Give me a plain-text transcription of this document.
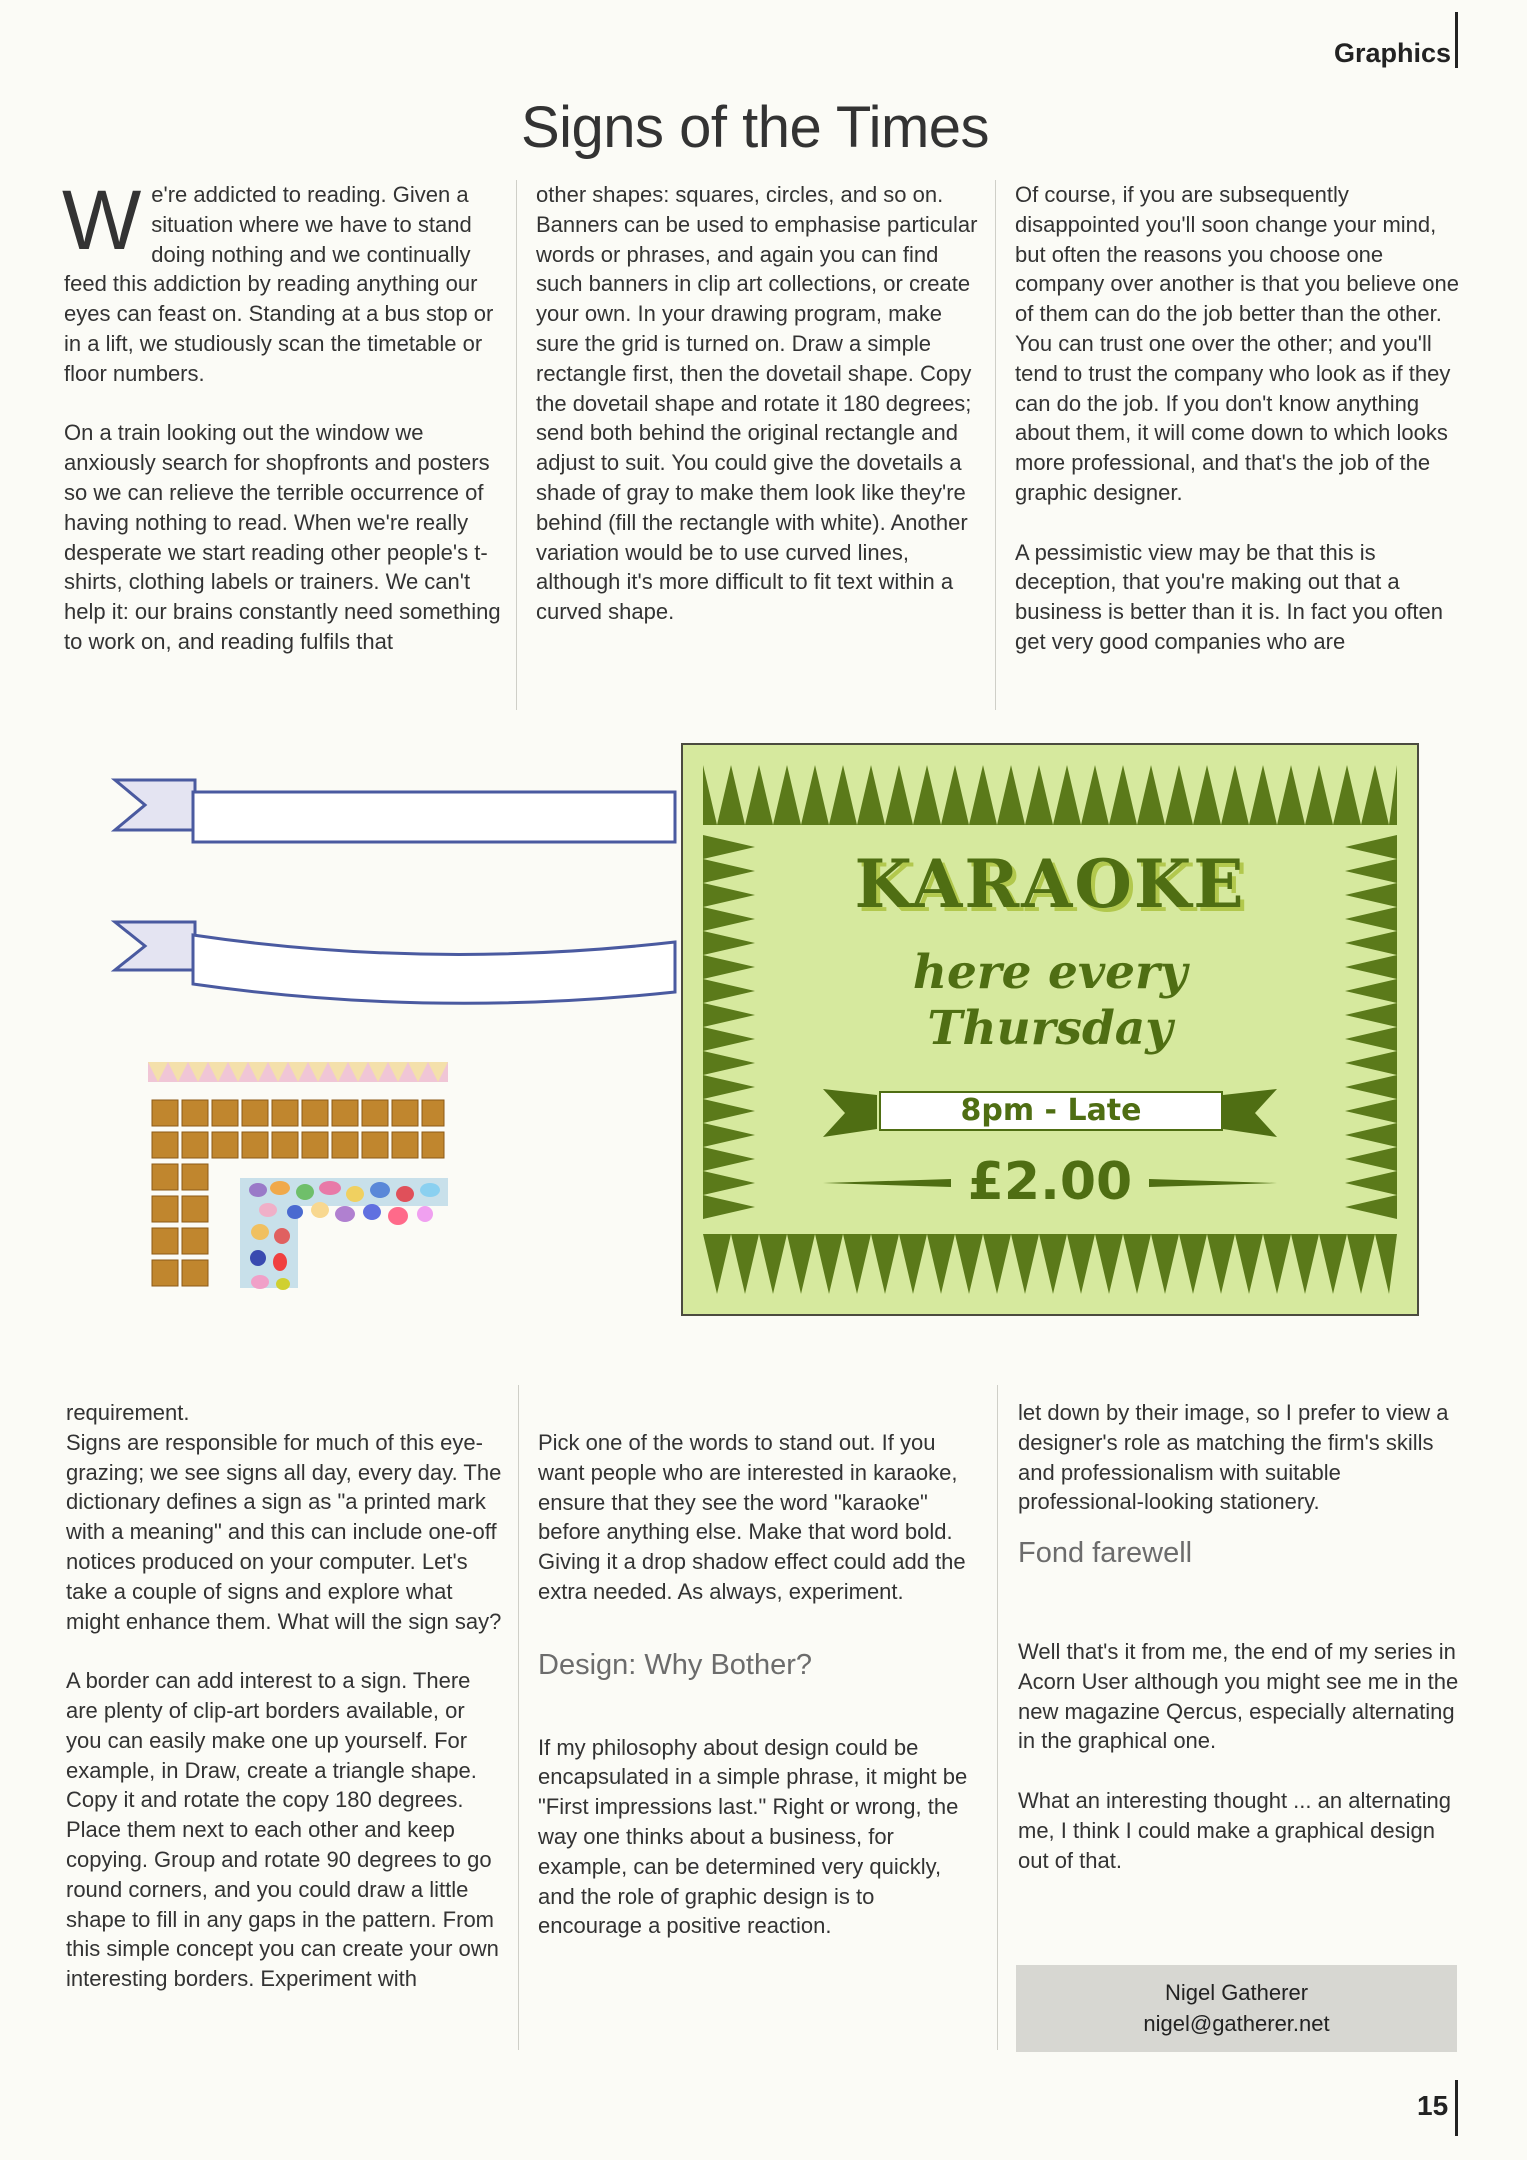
Graphics
Signs of the Times

We're addicted to reading. Given a situation where we have to stand doing nothing and we continually feed this addiction by reading anything our eyes can feast on. Standing at a bus stop or in a lift, we studiously scan the timetable or floor numbers.

On a train looking out the window we anxiously search for shopfronts and posters so we can relieve the terrible occurrence of having nothing to read. When we're really desperate we start reading other people's t-shirts, clothing labels or trainers. We can't help it: our brains constantly need something to work on, and reading fulfils that

other shapes: squares, circles, and so on.

Banners can be used to emphasise particular words or phrases, and again you can find such banners in clip art collections, or create your own. In your drawing program, make sure the grid is turned on. Draw a simple rectangle first, then the dovetail shape. Copy the dovetail shape and rotate it 180 degrees; send both behind the original rectangle and adjust to suit. You could give the dovetails a shade of gray to make them look like they're behind (fill the rectangle with white). Another variation would be to use curved lines, although it's more difficult to fit text within a curved shape.

Of course, if you are subsequently disappointed you'll soon change your mind, but often the reasons you choose one company over another is that you believe one of them can do the job better than the other. You can trust one over the other; and you'll tend to trust the company who look as if they can do the job. If you don't know anything about them, it will come down to which looks more professional, and that's the job of the graphic designer.

A pessimistic view may be that this is deception, that you're making out that a business is better than it is. In fact you often get very good companies who are

KARAOKE
here every
Thursday
8pm - Late
£2.00

requirement.

Signs are responsible for much of this eye-grazing; we see signs all day, every day. The dictionary defines a sign as "a printed mark with a meaning" and this can include one-off notices produced on your computer. Let's take a couple of signs and explore what might enhance them. What will the sign say?

A border can add interest to a sign. There are plenty of clip-art borders available, or you can easily make one up yourself. For example, in Draw, create a triangle shape. Copy it and rotate the copy 180 degrees. Place them next to each other and keep copying. Group and rotate 90 degrees to go round corners, and you could draw a little shape to fill in any gaps in the pattern. From this simple concept you can create your own interesting borders. Experiment with

Pick one of the words to stand out. If you want people who are interested in karaoke, ensure that they see the word "karaoke" before anything else. Make that word bold. Giving it a drop shadow effect could add the extra needed. As always, experiment.

Design: Why Bother?

If my philosophy about design could be encapsulated in a simple phrase, it might be "First impressions last." Right or wrong, the way one thinks about a business, for example, can be determined very quickly, and the role of graphic design is to encourage a positive reaction.

let down by their image, so I prefer to view a designer's role as matching the firm's skills and professionalism with suitable professional-looking stationery.

Fond farewell

Well that's it from me, the end of my series in Acorn User although you might see me in the new magazine Qercus, especially alternating in the graphical one.

What an interesting thought ... an alternating me, I think I could make a graphical design out of that.

Nigel Gatherer
nigel@gatherer.net
15
